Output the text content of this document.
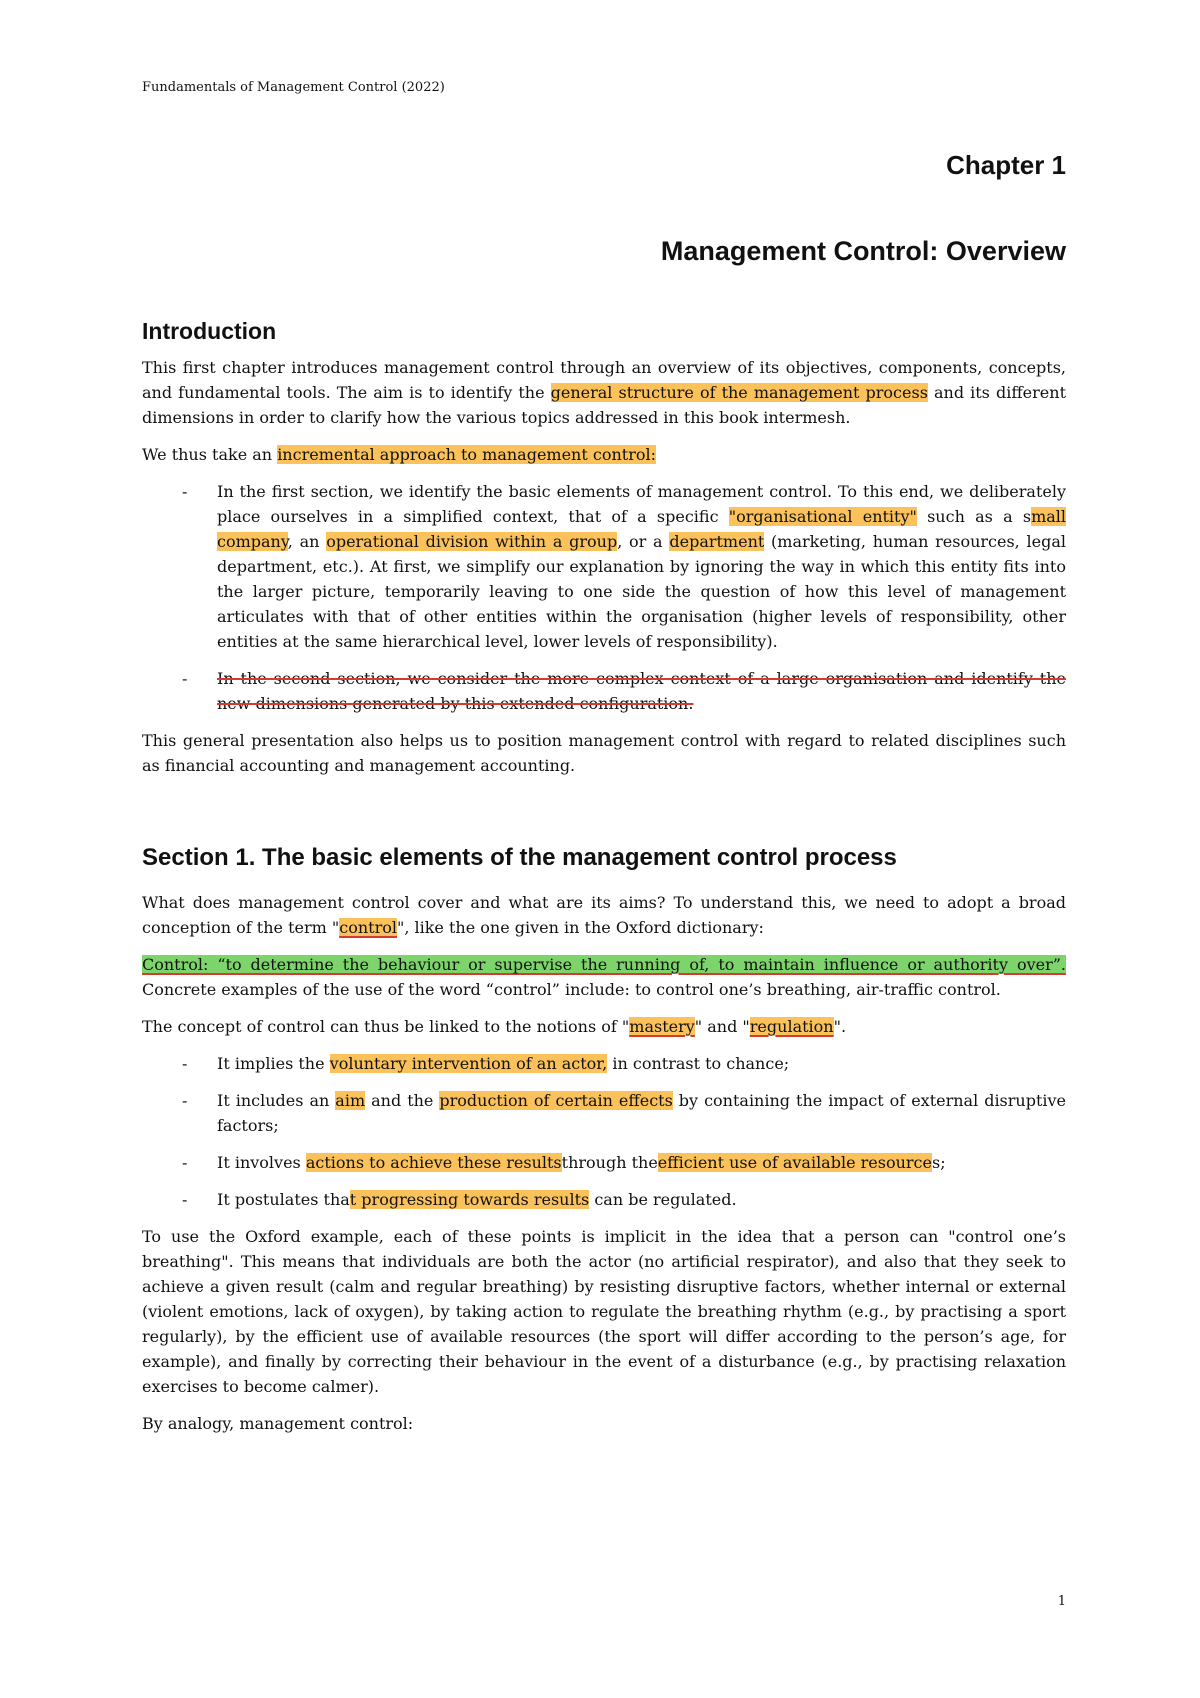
Fundamentals of Management Control (2022)
Chapter 1
Management Control: Overview
Introduction

This first chapter introduces management control through an overview of its objectives, components, concepts, and fundamental tools. The aim is to identify the general structure of the management process and its different dimensions in order to clarify how the various topics addressed in this book intermesh.

We thus take an incremental approach to management control:

- In the first section, we identify the basic elements of management control. To this end, we deliberately place ourselves in a simplified context, that of a specific "organisational entity" such as a small company, an operational division within a group, or a department (marketing, human resources, legal department, etc.). At first, we simplify our explanation by ignoring the way in which this entity fits into the larger picture, temporarily leaving to one side the question of how this level of management articulates with that of other entities within the organisation (higher levels of responsibility, other entities at the same hierarchical level, lower levels of responsibility).
- In the second section, we consider the more complex context of a large organisation and identify the new dimensions generated by this extended configuration.

This general presentation also helps us to position management control with regard to related disciplines such as financial accounting and management accounting.

Section 1. The basic elements of the management control process

What does management control cover and what are its aims? To understand this, we need to adopt a broad conception of the term "control", like the one given in the Oxford dictionary:

Control: “to determine the behaviour or supervise the running of, to maintain influence or authority over”. Concrete examples of the use of the word “control” include: to control one’s breathing, air-traffic control.

The concept of control can thus be linked to the notions of "mastery" and "regulation".

- It implies the voluntary intervention of an actor, in contrast to chance;
- It includes an aim and the production of certain effects by containing the impact of external disruptive factors;
- It involves actions to achieve these resultsthrough theefficient use of available resources;
- It postulates that progressing towards results can be regulated.

To use the Oxford example, each of these points is implicit in the idea that a person can "control one’s breathing". This means that individuals are both the actor (no artificial respirator), and also that they seek to achieve a given result (calm and regular breathing) by resisting disruptive factors, whether internal or external (violent emotions, lack of oxygen), by taking action to regulate the breathing rhythm (e.g., by practising a sport regularly), by the efficient use of available resources (the sport will differ according to the person’s age, for example), and finally by correcting their behaviour in the event of a disturbance (e.g., by practising relaxation exercises to become calmer).

By analogy, management control:

1
